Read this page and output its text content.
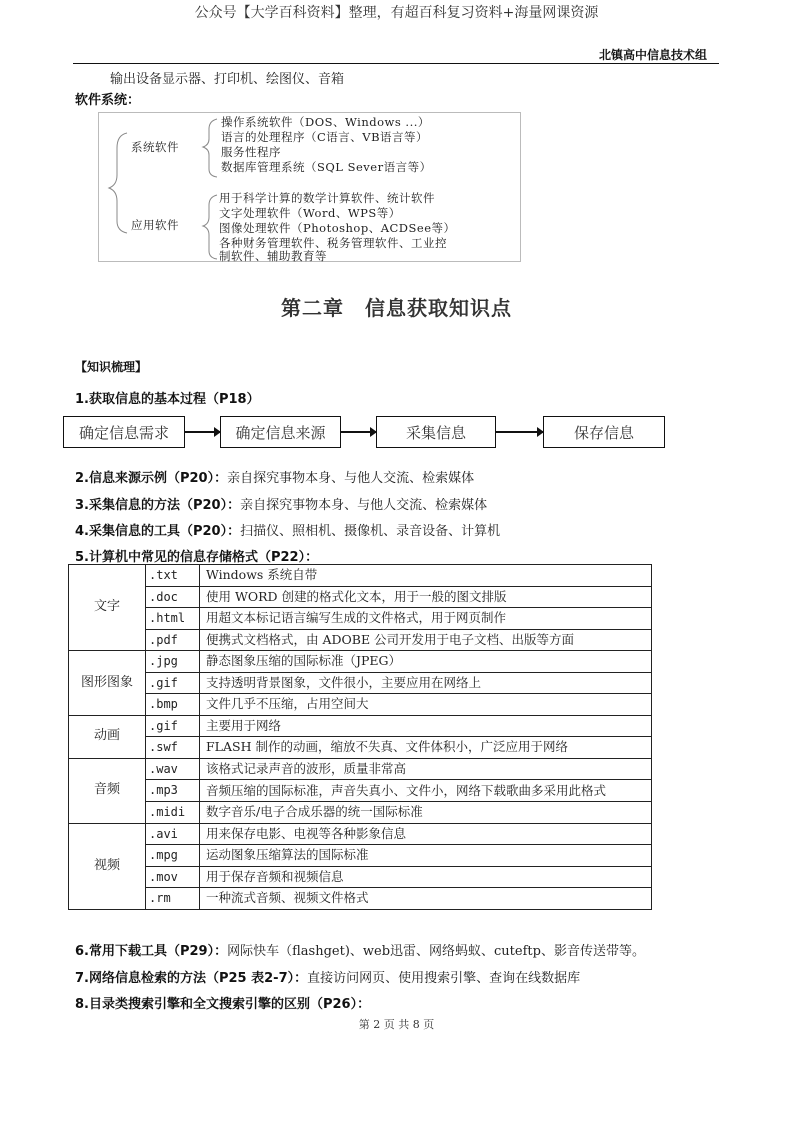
公众号【大学百科资料】整理，有超百科复习资料+海量网课资源
北镇高中信息技术组
输出设备显示器、打印机、绘图仪、音箱
软件系统：
系统软件
操作系统软件（DOS、Windows ...）
语言的处理程序（C语言、VB语言等）
服务性程序
数据库管理系统（SQL Sever语言等）
应用软件
用于科学计算的数学计算软件、统计软件
文字处理软件（Word、WPS等）
图像处理软件（Photoshop、ACDSee等）
各种财务管理软件、税务管理软件、工业控
制软件、辅助教育等
第二章　信息获取知识点
【知识梳理】
1.获取信息的基本过程（P18）
确定信息需求	确定信息来源	采集信息	保存信息
2.信息来源示例（P20）：亲自探究事物本身、与他人交流、检索媒体
3.采集信息的方法（P20）：亲自探究事物本身、与他人交流、检索媒体
4.采集信息的工具（P20）：扫描仪、照相机、摄像机、录音设备、计算机
5.计算机中常见的信息存储格式（P22）：
文字	.txt	Windows 系统自带
	.doc	使用 WORD 创建的格式化文本，用于一般的图文排版
	.html	用超文本标记语言编写生成的文件格式，用于网页制作
	.pdf	便携式文档格式，由 ADOBE 公司开发用于电子文档、出版等方面
图形图象	.jpg	静态图象压缩的国际标准（JPEG）
	.gif	支持透明背景图象，文件很小，主要应用在网络上
	.bmp	文件几乎不压缩，占用空间大
动画	.gif	主要用于网络
	.swf	FLASH 制作的动画，缩放不失真、文件体积小，广泛应用于网络
音频	.wav	该格式记录声音的波形，质量非常高
	.mp3	音频压缩的国际标准，声音失真小、文件小，网络下载歌曲多采用此格式
	.midi	数字音乐/电子合成乐器的统一国际标准
视频	.avi	用来保存电影、电视等各种影象信息
	.mpg	运动图象压缩算法的国际标准
	.mov	用于保存音频和视频信息
	.rm	一种流式音频、视频文件格式
6.常用下载工具（P29）：网际快车（flashget)、web迅雷、网络蚂蚁、cuteftp、影音传送带等。
7.网络信息检索的方法（P25 表2-7）：直接访问网页、使用搜索引擎、查询在线数据库
8.目录类搜索引擎和全文搜索引擎的区别（P26）：
第 2 页 共 8 页
